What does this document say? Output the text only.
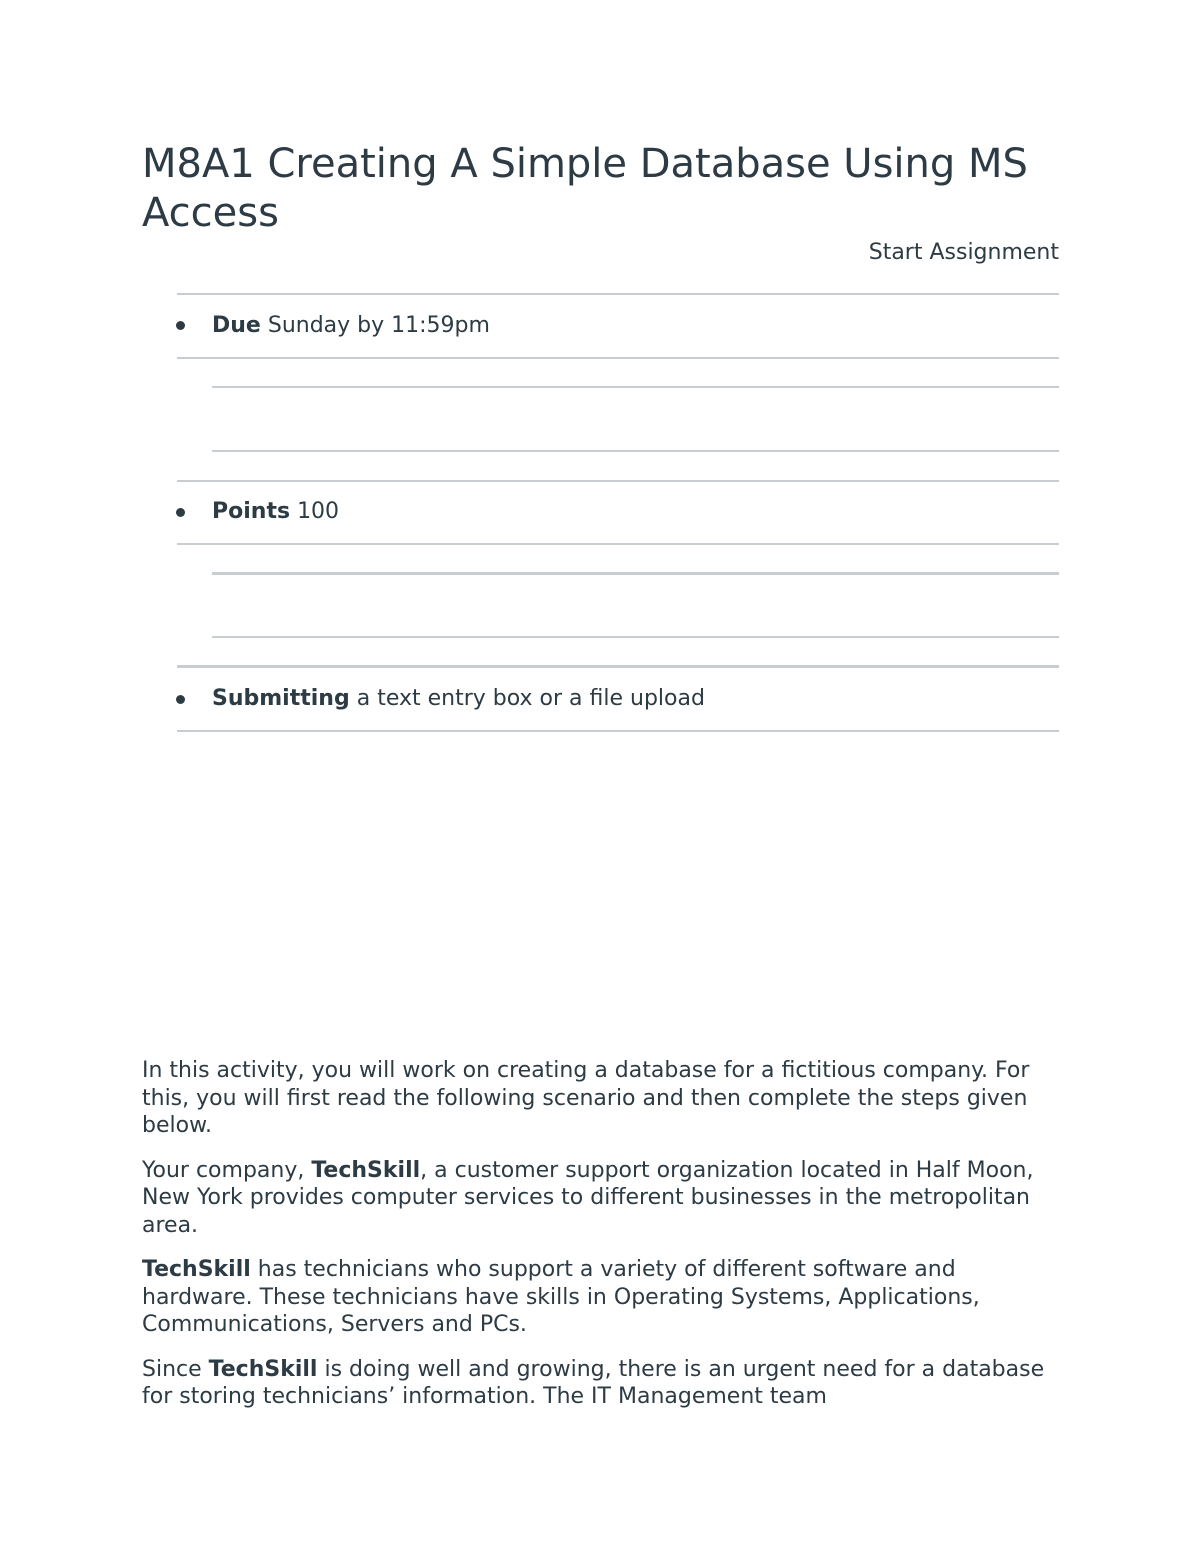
M8A1 Creating A Simple Database Using MS Access
Start Assignment
Due Sunday by 11:59pm
Points 100
Submitting a text entry box or a file upload

In this activity, you will work on creating a database for a fictitious company. For this, you will first read the following scenario and then complete the steps given below.

Your company, TechSkill, a customer support organization located in Half Moon, New York provides computer services to different businesses in the metropolitan area.

TechSkill has technicians who support a variety of different software and hardware. These technicians have skills in Operating Systems, Applications, Communications, Servers and PCs.

Since TechSkill is doing well and growing, there is an urgent need for a database for storing technicians’ information. The IT Management team
